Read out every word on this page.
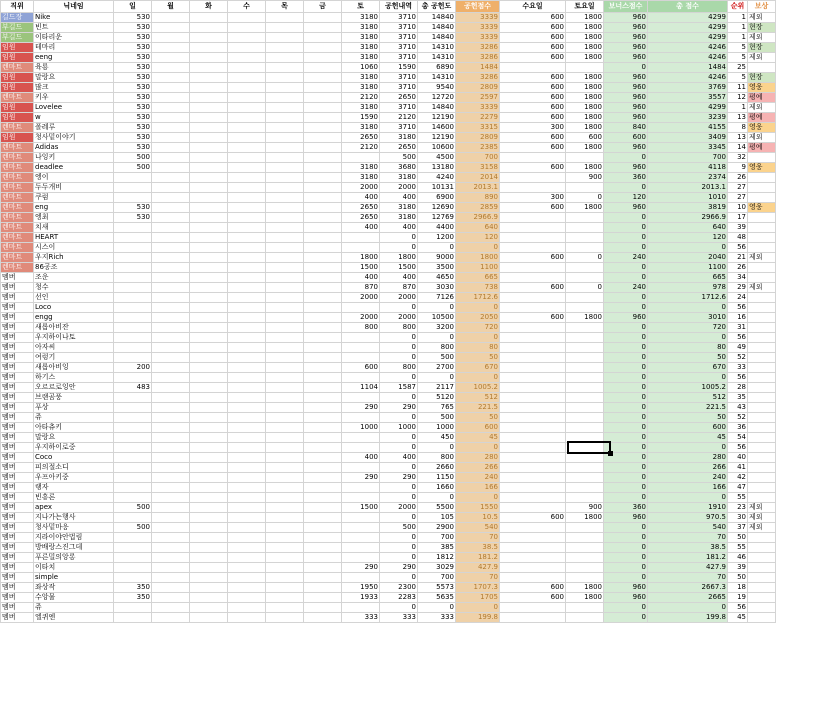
직위	닉네임	일	월	화	수	목	금	토	공헌내역	총 공헌도	공헌점수	수요일	토요일	보너스점수	총 점수	순위	보상
길드장	Nike	530						3180	3710	14840	3339	600	1800	960	4299	1	제외
부길드	빈트	530						3180	3710	14840	3339	600	1800	960	4299	1	현장
부길드	이타리운	530						3180	3710	14840	3339	600	1800	960	4299	1	제외
임원	테마리	530						3180	3710	14310	3286	600	1800	960	4246	5	현장
임원	eeng	530						3180	3710	14310	3286	600	1800	960	4246	5	제외
렌마트	육룡	530						1060	1590	6890	1484			0	1484	25	
임원	말랑요	530						3180	3710	14310	3286	600	1800	960	4246	5	현장
임원	많크	530						3180	3710	9540	2809	600	1800	960	3769	11	영웅
렌마트	키우	530						2120	2650	12720	2597	600	1800	960	3557	12	평예
임원	Lovelee	530						3180	3710	14840	3339	600	1800	960	4299	1	제외
임원	w	530						1590	2120	12190	2279	600	1800	960	3239	13	평예
렌마트	폴레루	530						3180	3710	14600	3315	300	1800	840	4155	8	영웅
임원	청사밑이야기	530						2650	3180	12190	2809	600	600	600	3409	13	제외
렌마트	Adidas	530						2120	2650	10600	2385	600	1800	960	3345	14	평예
렌마트	나잉키	500							500	4500	700			0	700	32	
렌마트	deadlee	500						3180	3680	13180	3158	600	1800	960	4118	9	영웅
렌마트	엥이							3180	3180	4240	2014		900	360	2374	26	
렌마트	두두개비							2000	2000	10131	2013.1			0	2013.1	27	
렌마트	쿠럼							400	400	6900	890	300	0	120	1010	27	
렌마트	eng	530						2650	3180	12690	2859	600	1800	960	3819	10	영웅
렌마트	엥최	530						2650	3180	12769	2966.9			0	2966.9	17	
렌마트	치새							400	400	4400	640			0	640	39	
렌마트	HEART								0	1200	120			0	120	48	
렌마트	시스이								0	0	0			0	0	56	
렌마트	우지Rich							1800	1800	9000	1800	600	0	240	2040	21	제외
렌마트	86공조							1500	1500	3500	1100			0	1100	26	
멤버	조운							400	400	4650	665			0	665	34	
멤버	청수							870	870	3030	738	600	0	240	978	29	제외
멤버	선인							2000	2000	7126	1712.6			0	1712.6	24	
멤버	Loco								0	0	0			0	0	56	
멤버	engg							2000	2000	10500	2050	600	1800	960	3010	16	
멤버	새롭아비잔							800	800	3200	720			0	720	31	
멤버	우지하이나토								0	0	0			0	0	56	
멤버	아자씨								0	800	80			0	80	49	
멤버	여렁기								0	500	50			0	50	52	
멤버	새롭아비잉	200						600	800	2700	670			0	670	33	
멤버	하기스								0	0	0			0	0	56	
멤버	오르르로잉안	483						1104	1587	2117	1005.2			0	1005.2	28	
멤버	브랜곰풍								0	5120	512			0	512	35	
멤버	푸상							290	290	765	221.5			0	221.5	43	
멤버	쥬								0	500	50			0	50	52	
멤버	아타츄키							1000	1000	1000	600			0	600	36	
멤버	말랑요								0	450	45			0	45	54	
멤버	우지하이로중								0	0	0			0	0	56	
멤버	Coco							400	400	800	280			0	280	40	
멤버	피의절소디								0	2660	266			0	266	41	
멤버	우프아키중							290	290	1150	240			0	240	42	
멤버	랭자								0	1660	166			0	166	47	
멤버	빈흥론								0	0	0			0	0	55	
멤버	apex	500						1500	2000	5500	1550		900	360	1910	23	제외
멤버	지나가는행사								0	105	10.5	600	1800	960	970.5	30	제외
멤버	청사밑마응	500							500	2900	540			0	540	37	제외
멤버	지라이야안법림								0	700	70			0	70	50	
멤버	방배랑스진그데								0	385	38.5			0	38.5	55	
멤버	푸른밀의앙롱								0	1812	181.2			0	181.2	46	
멤버	이타치							290	290	3029	427.9			0	427.9	39	
멤버	simple								0	700	70			0	70	50	
멤버	좌상작	350						1950	2300	5573	1707.3	600	1800	960	2667.3	18	
멤버	수앙물	350						1933	2283	5635	1705	600	1800	960	2665	19	
멤버	쥬								0	0	0			0	0	56	
멤버	엘퀴엔							333	333	333	199.8			0	199.8	45	
